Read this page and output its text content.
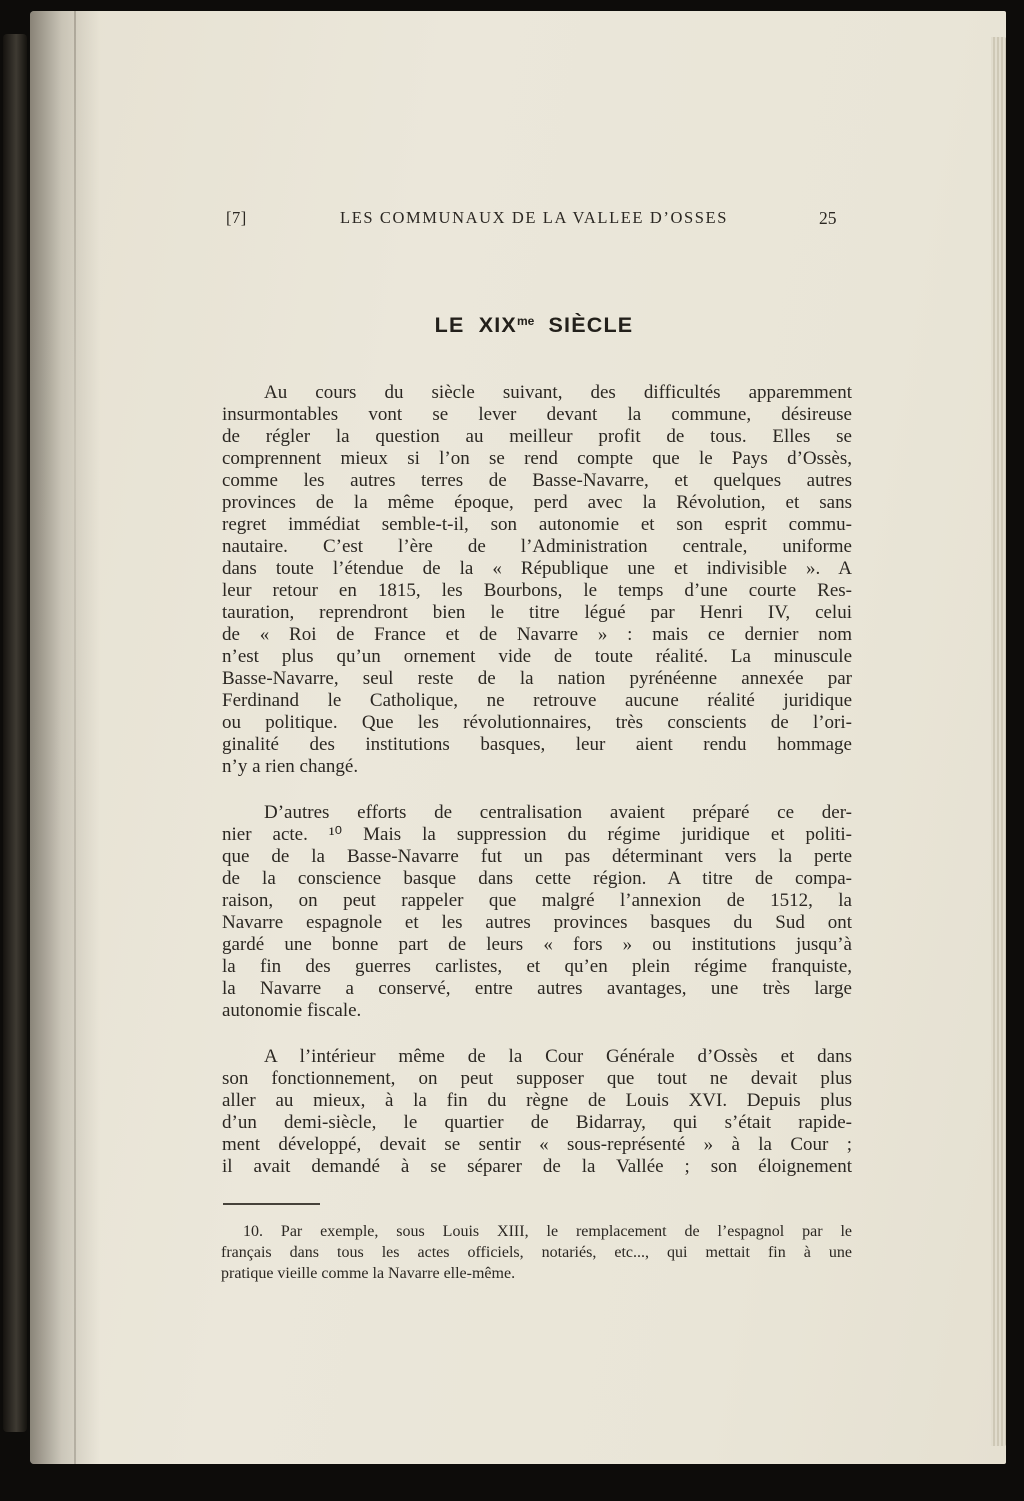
[7]	LES COMMUNAUX DE LA VALLEE D’OSSES	25
LE $XIX^{me}$ SIÈCLE
Au cours du siècle suivant, des difficultés apparemment
insurmontables vont se lever devant la commune, désireuse
de régler la question au meilleur profit de tous. Elles se
comprennent mieux si l’on se rend compte que le Pays d’Ossès,
comme les autres terres de Basse-Navarre, et quelques autres
provinces de la même époque, perd avec la Révolution, et sans
regret immédiat semble-t-il, son autonomie et son esprit commu-
nautaire. C’est l’ère de l’Administration centrale, uniforme
dans toute l’étendue de la « République une et indivisible ». A
leur retour en 1815, les Bourbons, le temps d’une courte Res-
tauration, reprendront bien le titre légué par Henri IV, celui
de « Roi de France et de Navarre » : mais ce dernier nom
n’est plus qu’un ornement vide de toute réalité. La minuscule
Basse-Navarre, seul reste de la nation pyrénéenne annexée par
Ferdinand le Catholique, ne retrouve aucune réalité juridique
ou politique. Que les révolutionnaires, très conscients de l’ori-
ginalité des institutions basques, leur aient rendu hommage
n’y a rien changé.
D’autres efforts de centralisation avaient préparé ce der-
nier acte. ¹⁰ Mais la suppression du régime juridique et politi-
que de la Basse-Navarre fut un pas déterminant vers la perte
de la conscience basque dans cette région. A titre de compa-
raison, on peut rappeler que malgré l’annexion de 1512, la
Navarre espagnole et les autres provinces basques du Sud ont
gardé une bonne part de leurs « fors » ou institutions jusqu’à
la fin des guerres carlistes, et qu’en plein régime franquiste,
la Navarre a conservé, entre autres avantages, une très large
autonomie fiscale.
A l’intérieur même de la Cour Générale d’Ossès et dans
son fonctionnement, on peut supposer que tout ne devait plus
aller au mieux, à la fin du règne de Louis XVI. Depuis plus
d’un demi-siècle, le quartier de Bidarray, qui s’était rapide-
ment développé, devait se sentir « sous-représenté » à la Cour ;
il avait demandé à se séparer de la Vallée ; son éloignement
10. Par exemple, sous Louis XIII, le remplacement de l’espagnol par le
français dans tous les actes officiels, notariés, etc..., qui mettait fin à une
pratique vieille comme la Navarre elle-même.
